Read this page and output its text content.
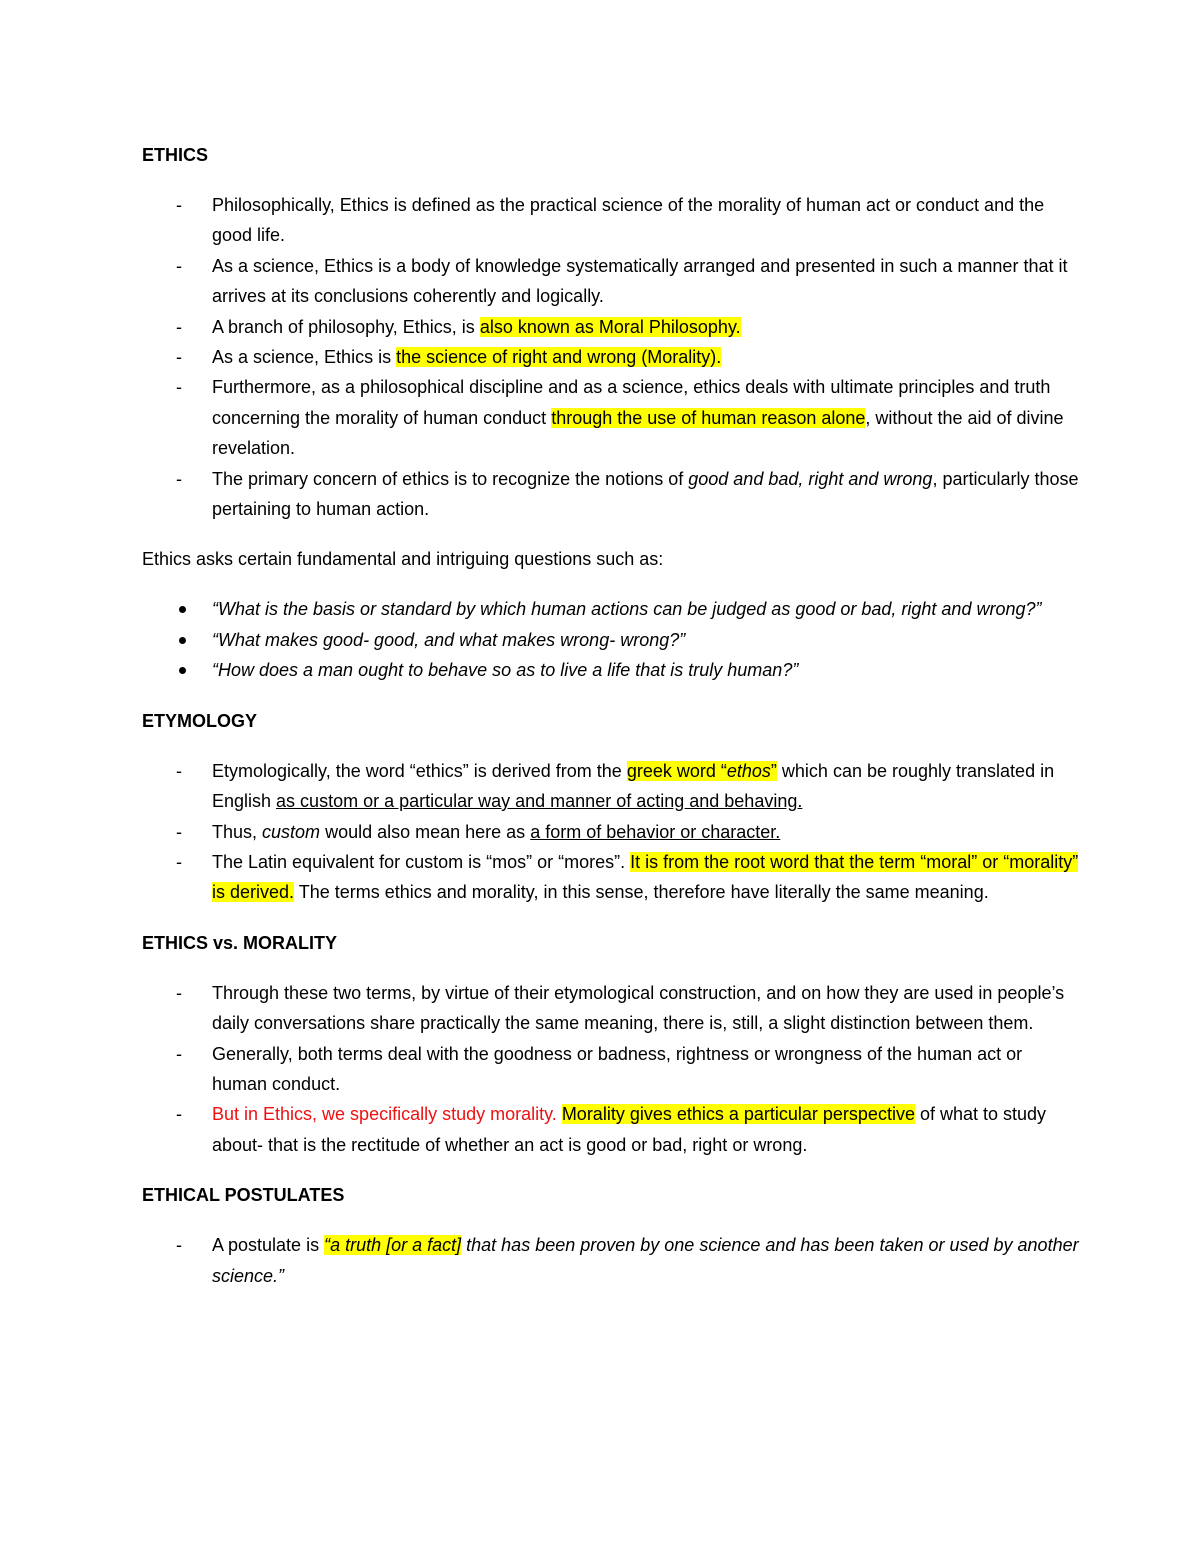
ETHICS
- Philosophically, Ethics is defined as the practical science of the morality of human act or conduct and the good life.
- As a science, Ethics is a body of knowledge systematically arranged and presented in such a manner that it arrives at its conclusions coherently and logically.
- A branch of philosophy, Ethics, is also known as Moral Philosophy.
- As a science, Ethics is the science of right and wrong (Morality).
- Furthermore, as a philosophical discipline and as a science, ethics deals with ultimate principles and truth concerning the morality of human conduct through the use of human reason alone, without the aid of divine revelation.
- The primary concern of ethics is to recognize the notions of good and bad, right and wrong, particularly those pertaining to human action.
Ethics asks certain fundamental and intriguing questions such as:
“What is the basis or standard by which human actions can be judged as good or bad, right and wrong?”
“What makes good- good, and what makes wrong- wrong?”
“How does a man ought to behave so as to live a life that is truly human?”
ETYMOLOGY
- Etymologically, the word “ethics” is derived from the greek word “ethos” which can be roughly translated in English as custom or a particular way and manner of acting and behaving.
- Thus, custom would also mean here as a form of behavior or character.
- The Latin equivalent for custom is “mos” or “mores”. It is from the root word that the term “moral” or “morality” is derived. The terms ethics and morality, in this sense, therefore have literally the same meaning.
ETHICS vs. MORALITY
- Through these two terms, by virtue of their etymological construction, and on how they are used in people’s daily conversations share practically the same meaning, there is, still, a slight distinction between them.
- Generally, both terms deal with the goodness or badness, rightness or wrongness of the human act or human conduct.
- But in Ethics, we specifically study morality. Morality gives ethics a particular perspective of what to study about- that is the rectitude of whether an act is good or bad, right or wrong.
ETHICAL POSTULATES
- A postulate is “a truth [or a fact] that has been proven by one science and has been taken or used by another science.”
